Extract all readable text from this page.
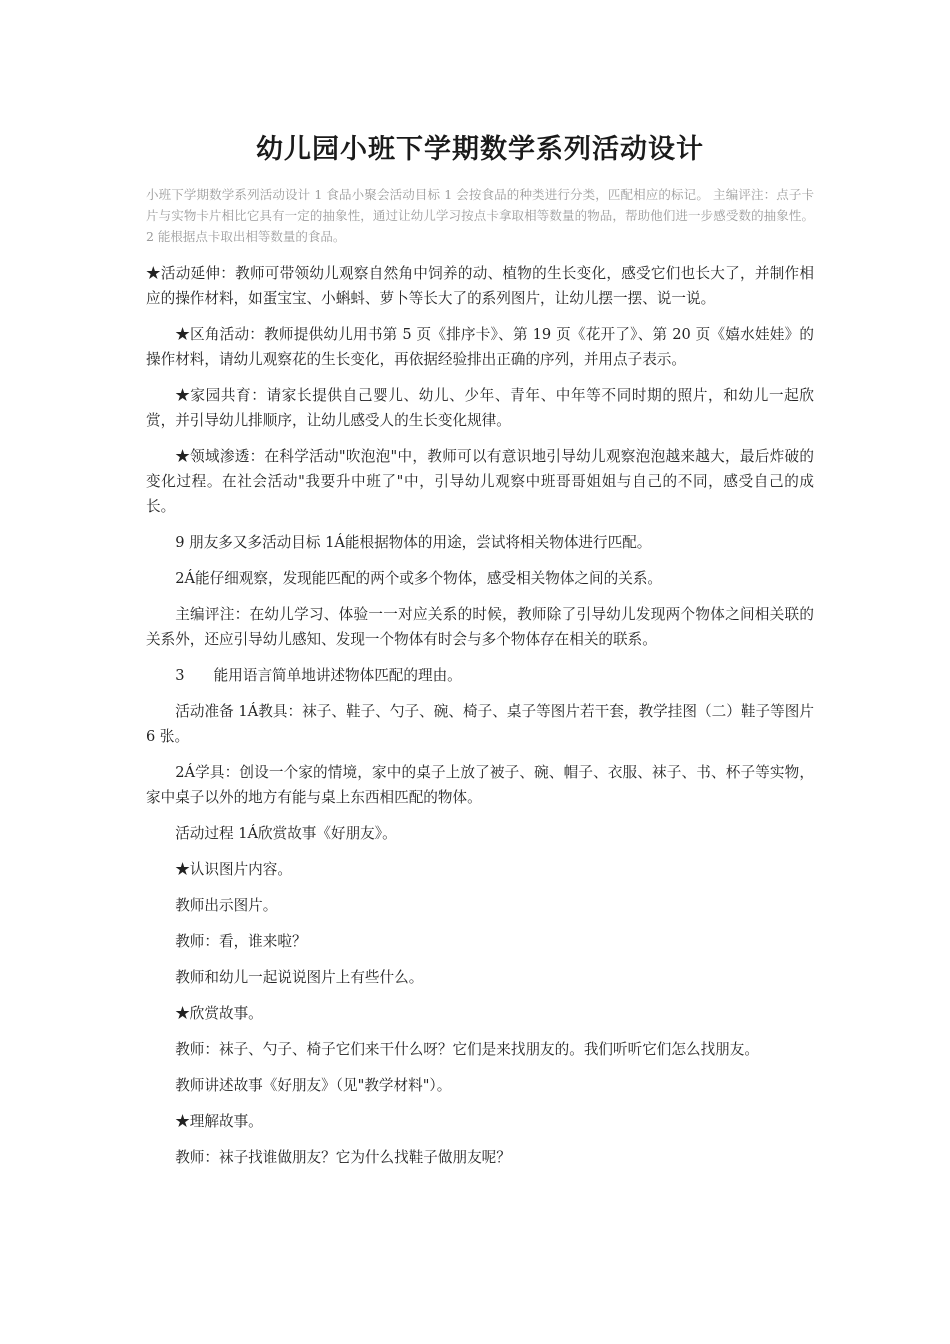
幼儿园小班下学期数学系列活动设计

小班下学期数学系列活动设计 1 食品小聚会活动目标 1 会按食品的种类进行分类，匹配相应的标记。 主编评注：点子卡片与实物卡片相比它具有一定的抽象性，通过让幼儿学习按点卡拿取相等数量的物品，帮助他们进一步感受数的抽象性。 2 能根据点卡取出相等数量的食品。

★活动延伸：教师可带领幼儿观察自然角中饲养的动、植物的生长变化，感受它们也长大了，并制作相应的操作材料，如蛋宝宝、小蝌蚪、萝卜等长大了的系列图片，让幼儿摆一摆、说一说。

★区角活动：教师提供幼儿用书第 5 页《排序卡》、第 19 页《花开了》、第 20 页《嬉水娃娃》的操作材料，请幼儿观察花的生长变化，再依据经验排出正确的序列，并用点子表示。

★家园共育：请家长提供自己婴儿、幼儿、少年、青年、中年等不同时期的照片，和幼儿一起欣赏，并引导幼儿排顺序，让幼儿感受人的生长变化规律。

★领域渗透：在科学活动"吹泡泡"中，教师可以有意识地引导幼儿观察泡泡越来越大，最后炸破的变化过程。在社会活动"我要升中班了"中，引导幼儿观察中班哥哥姐姐与自己的不同，感受自己的成长。

9 朋友多又多活动目标 1Á能根据物体的用途，尝试将相关物体进行匹配。

2Á能仔细观察，发现能匹配的两个或多个物体，感受相关物体之间的关系。

主编评注：在幼儿学习、体验一一对应关系的时候，教师除了引导幼儿发现两个物体之间相关联的关系外，还应引导幼儿感知、发现一个物体有时会与多个物体存在相关的联系。

3　　能用语言简单地讲述物体匹配的理由。

活动准备 1Á教具：袜子、鞋子、勺子、碗、椅子、桌子等图片若干套，教学挂图（二）鞋子等图片 6 张。

2Á学具：创设一个家的情境，家中的桌子上放了被子、碗、帽子、衣服、袜子、书、杯子等实物，家中桌子以外的地方有能与桌上东西相匹配的物体。

活动过程 1Á欣赏故事《好朋友》。

★认识图片内容。

教师出示图片。

教师：看，谁来啦？

教师和幼儿一起说说图片上有些什么。

★欣赏故事。

教师：袜子、勺子、椅子它们来干什么呀？它们是来找朋友的。我们听听它们怎么找朋友。

教师讲述故事《好朋友》（见"教学材料"）。

★理解故事。

教师：袜子找谁做朋友？它为什么找鞋子做朋友呢？
